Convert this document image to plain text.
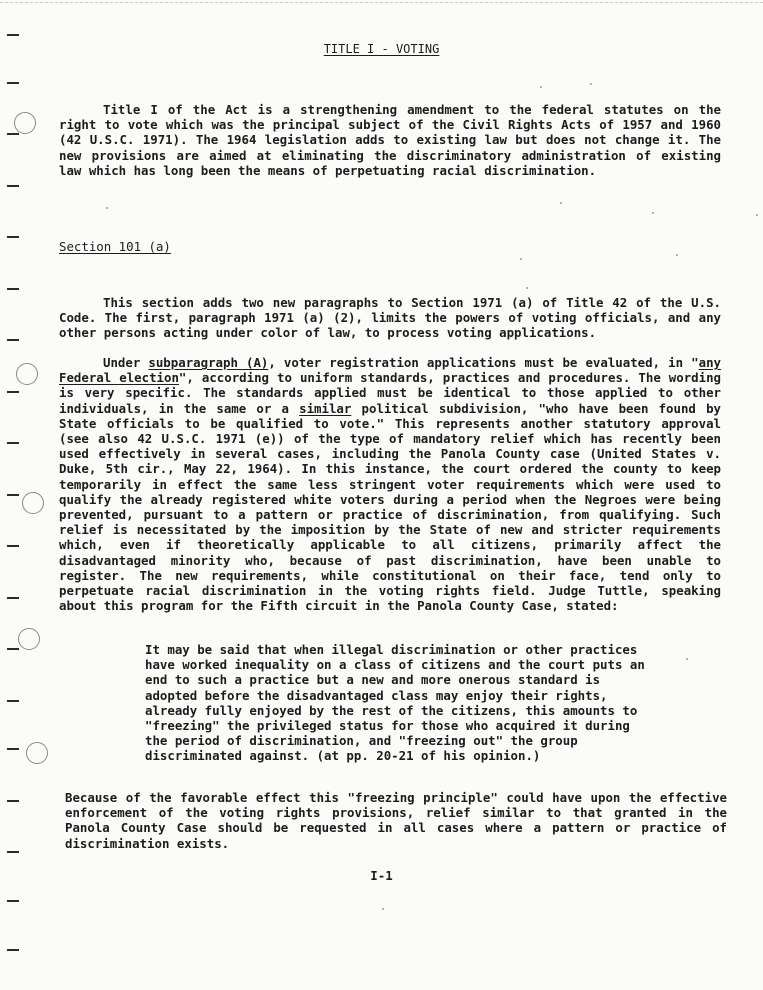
TITLE I - VOTING

Title I of the Act is a strengthening amendment to the federal statutes on the right to vote which was the principal subject of the Civil Rights Acts of 1957 and 1960 (42 U.S.C. 1971). The 1964 legislation adds to existing law but does not change it. The new provisions are aimed at eliminating the discriminatory administration of existing law which has long been the means of perpetuating racial discrimination.

Section 101 (a)

This section adds two new paragraphs to Section 1971 (a) of Title 42 of the U.S. Code. The first, paragraph 1971 (a) (2), limits the powers of voting officials, and any other persons acting under color of law, to process voting applications.

Under subparagraph (A), voter registration applications must be evaluated, in "any Federal election", according to uniform standards, practices and procedures. The wording is very specific. The standards applied must be identical to those applied to other individuals, in the same or a similar political subdivision, "who have been found by State officials to be qualified to vote." This represents another statutory approval (see also 42 U.S.C. 1971 (e)) of the type of mandatory relief which has recently been used effectively in several cases, including the Panola County case (United States v. Duke, 5th cir., May 22, 1964). In this instance, the court ordered the county to keep temporarily in effect the same less stringent voter requirements which were used to qualify the already registered white voters during a period when the Negroes were being prevented, pursuant to a pattern or practice of discrimination, from qualifying. Such relief is necessitated by the imposition by the State of new and stricter requirements which, even if theoretically applicable to all citizens, primarily affect the disadvantaged minority who, because of past discrimination, have been unable to register. The new requirements, while constitutional on their face, tend only to perpetuate racial discrimination in the voting rights field. Judge Tuttle, speaking about this program for the Fifth circuit in the Panola County Case, stated:

It may be said that when illegal discrimination or other practices have worked inequality on a class of citizens and the court puts an end to such a practice but a new and more onerous standard is adopted before the disadvantaged class may enjoy their rights, already fully enjoyed by the rest of the citizens, this amounts to "freezing" the privileged status for those who acquired it during the period of discrimination, and "freezing out" the group discriminated against. (at pp. 20-21 of his opinion.)

Because of the favorable effect this "freezing principle" could have upon the effective enforcement of the voting rights provisions, relief similar to that granted in the Panola County Case should be requested in all cases where a pattern or practice of discrimination exists.

I-1
